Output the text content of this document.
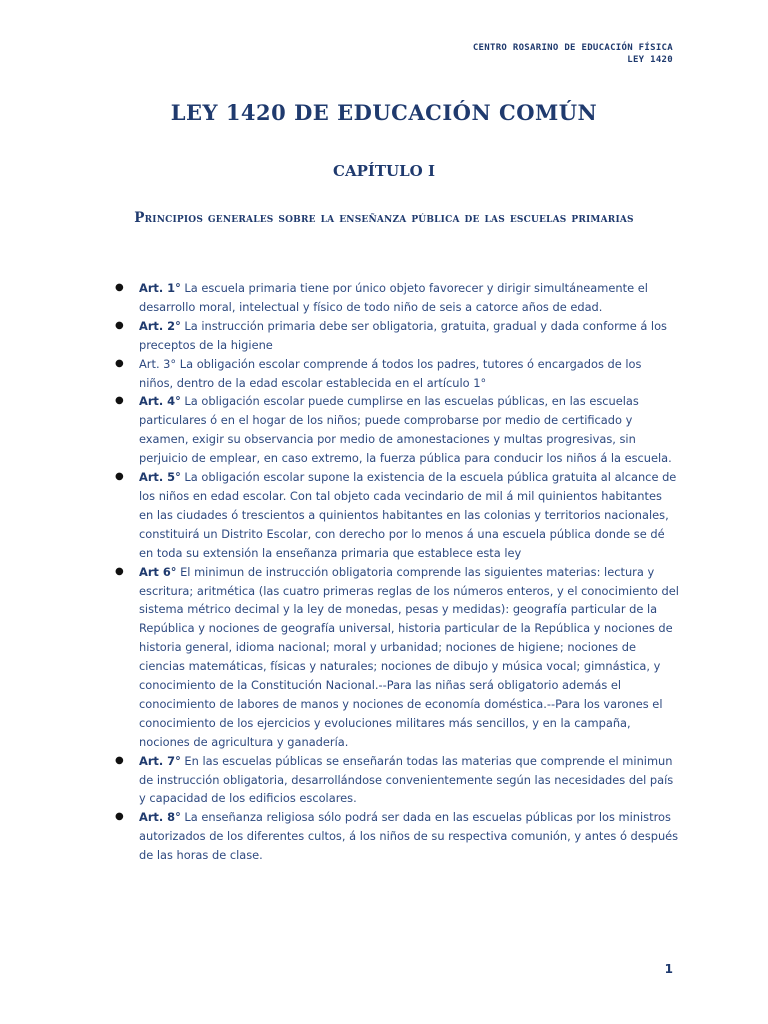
CENTRO ROSARINO DE EDUCACIÓN FÍSICA
LEY 1420
LEY 1420 DE EDUCACIÓN COMÚN
CAPÍTULO I
Principios generales sobre la enseñanza pública de las escuelas primarias
● Art. 1° La escuela primaria tiene por único objeto favorecer y dirigir simultáneamente el desarrollo moral, intelectual y físico de todo niño de seis a catorce años de edad.
● Art. 2° La instrucción primaria debe ser obligatoria, gratuita, gradual y dada conforme á los preceptos de la higiene
● Art. 3° La obligación escolar comprende á todos los padres, tutores ó encargados de los niños, dentro de la edad escolar establecida en el artículo 1°
● Art. 4° La obligación escolar puede cumplirse en las escuelas públicas, en las escuelas particulares ó en el hogar de los niños; puede comprobarse por medio de certificado y examen, exigir su observancia por medio de amonestaciones y multas progresivas, sin perjuicio de emplear, en caso extremo, la fuerza pública para conducir los niños á la escuela.
● Art. 5° La obligación escolar supone la existencia de la escuela pública gratuita al alcance de los niños en edad escolar. Con tal objeto cada vecindario de mil á mil quinientos habitantes en las ciudades ó trescientos a quinientos habitantes en las colonias y territorios nacionales, constituirá un Distrito Escolar, con derecho por lo menos á una escuela pública donde se dé en toda su extensión la enseñanza primaria que establece esta ley
● Art 6° El minimun de instrucción obligatoria comprende las siguientes materias: lectura y escritura; aritmética (las cuatro primeras reglas de los números enteros, y el conocimiento del sistema métrico decimal y la ley de monedas, pesas y medidas): geografía particular de la República y nociones de geografía universal, historia particular de la República y nociones de historia general, idioma nacional; moral y urbanidad; nociones de higiene; nociones de ciencias matemáticas, físicas y naturales; nociones de dibujo y música vocal; gimnástica, y conocimiento de la Constitución Nacional.--Para las niñas será obligatorio además el conocimiento de labores de manos y nociones de economía doméstica.--Para los varones el conocimiento de los ejercicios y evoluciones militares más sencillos, y en la campaña, nociones de agricultura y ganadería.
● Art. 7° En las escuelas públicas se enseñarán todas las materias que comprende el minimun de instrucción obligatoria, desarrollándose convenientemente según las necesidades del país y capacidad de los edificios escolares.
● Art. 8° La enseñanza religiosa sólo podrá ser dada en las escuelas públicas por los ministros autorizados de los diferentes cultos, á los niños de su respectiva comunión, y antes ó después de las horas de clase.
1
